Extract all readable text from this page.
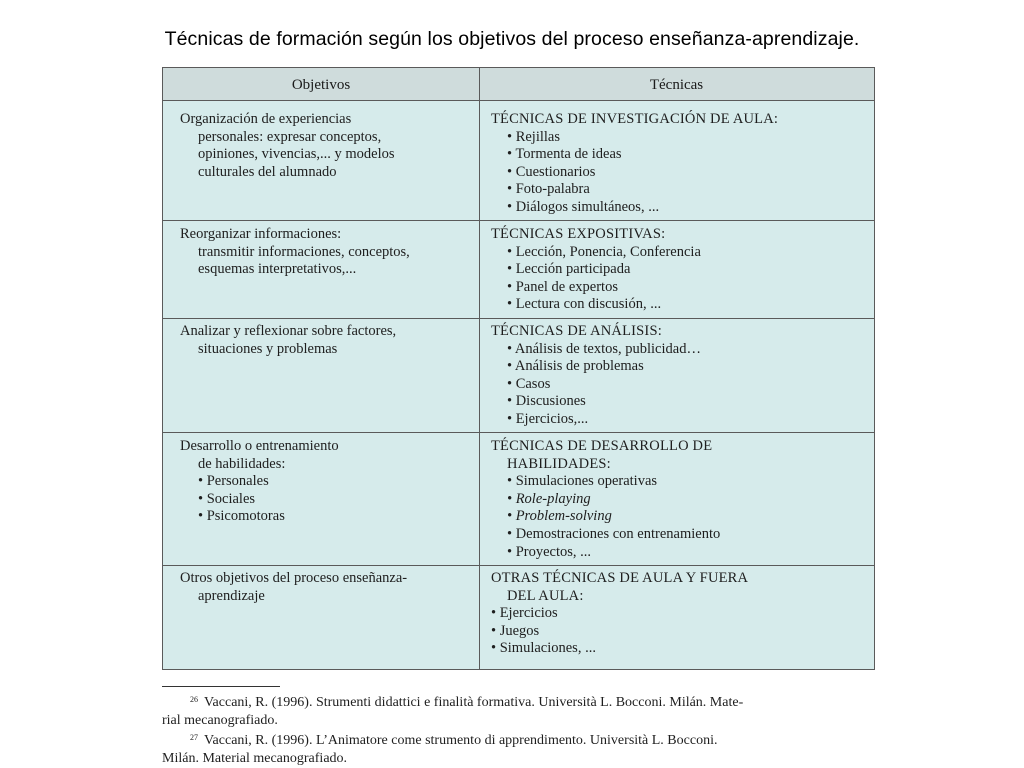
Técnicas de formación según los objetivos del proceso enseñanza-aprendizaje.
Objetivos	Técnicas
Organización de experiencias
personales: expresar conceptos,
opiniones, vivencias,... y modelos
culturales del alumnado
TÉCNICAS DE INVESTIGACIÓN DE AULA:
• Rejillas
• Tormenta de ideas
• Cuestionarios
• Foto-palabra
• Diálogos simultáneos, ...
Reorganizar informaciones:
transmitir informaciones, conceptos,
esquemas interpretativos,...
TÉCNICAS EXPOSITIVAS:
• Lección, Ponencia, Conferencia
• Lección participada
• Panel de expertos
• Lectura con discusión, ...
Analizar y reflexionar sobre factores,
situaciones y problemas
TÉCNICAS DE ANÁLISIS:
• Análisis de textos, publicidad…
• Análisis de problemas
• Casos
• Discusiones
• Ejercicios,...
Desarrollo o entrenamiento
de habilidades:
• Personales
• Sociales
• Psicomotoras
TÉCNICAS DE DESARROLLO DE
HABILIDADES:
• Simulaciones operativas
• Role-playing
• Problem-solving
• Demostraciones con entrenamiento
• Proyectos, ...
Otros objetivos del proceso enseñanza-
aprendizaje
OTRAS TÉCNICAS DE AULA Y FUERA
DEL AULA:
• Ejercicios
• Juegos
• Simulaciones, ...
$^{26}$ Vaccani, R. (1996). Strumenti didattici e finalità formativa. Università L. Bocconi. Milán. Mate-
rial mecanografiado.
$^{27}$ Vaccani, R. (1996). L’Animatore come strumento di apprendimento. Università L. Bocconi.
Milán. Material mecanografiado.
